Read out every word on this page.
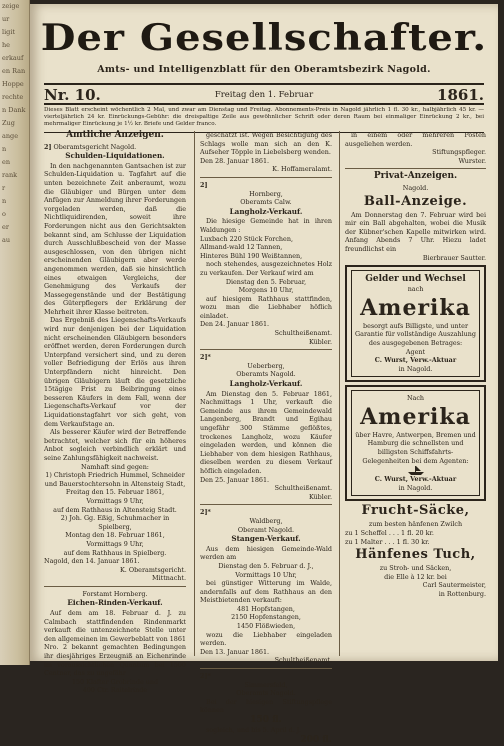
zeige
ur
ligit
he
erkauf
en Ran
Hoppe
rechte
n Dank
Zug
ange
n
en
rank
r
n
o
er
au
Der Gesellschafter.
Amts- und Intelligenzblatt für den Oberamtsbezirk Nagold.
Nr. 10.	Freitag den 1. Februar	1861.
Dieses Blatt erscheint wöchentlich 2 Mal, und zwar am Dienstag und Freitag. Abonnements-Preis in Nagold jährlich 1 fl. 30 kr., halbjährlich 45 kr. — vierteljährlich 24 kr. Einrückungs-Gebühr: die dreispaltige Zeile aus gewöhnlicher Schrift oder deren Raum bei einmaliger Einrückung 2 kr., bei mehrmaliger Einrückung je 1½ kr. Briefe und Gelder franco.
Amtliche Anzeigen.
2] Oberamtsgericht Nagold.
Schulden-Liquidationen.
In den nachgenannten Gantsachen ist zur Schulden-Liquidation u. Tagfahrt auf die unten bezeichnete Zeit anberaumt, wozu die Gläubiger und Bürgen unter dem Anfügen zur Anmeldung ihrer Forderungen vorgeladen werden, daß die Nichtliquidirenden, soweit ihre Forderungen nicht aus den Gerichtsakten bekannt sind, am Schlusse der Liquidation durch Ausschlußbescheid von der Masse ausgeschlossen, von den übrigen nicht erscheinenden Gläubigern aber werde angenommen werden, daß sie hinsichtlich eines etwaigen Vergleichs, der Genehmigung des Verkaufs der Massegegenstände und der Bestätigung des Güterpflegers der Erklärung der Mehrheit ihrer Klasse beitreten.
Das Ergebniß des Liegenschafts-Verkaufs wird nur denjenigen bei der Liquidation nicht erscheinenden Gläubigern besonders eröffnet werden, deren Forderungen durch Unterpfand versichert sind, und zu deren voller Befriedigung der Erlös aus ihren Unterpfändern nicht hinreicht. Den übrigen Gläubigern läuft die gesetzliche 15tägige Frist zu Beibringung eines besseren Käufers in dem Fall, wenn der Liegenschafts-Verkauf vor der Liquidationstagfahrt vor sich geht, von dem Verkaufstage an.
Als besserer Käufer wird der Betreffende betrachtet, welcher sich für ein höheres Anbot sogleich verbindlich erklärt und seine Zahlungsfähigkeit nachweist.
Namhaft sind gegen:
1) Christoph Friedrich Hummel, Schneider und Bauerstochtersohn in Altensteig Stadt,
Freitag den 15. Februar 1861,
Vormittags 9 Uhr,
auf dem Rathhaus in Altensteig Stadt.
2) Joh. Gg. Eßig, Schuhmacher in Spielberg,
Montag den 18. Februar 1861,
Vormittags 9 Uhr,
auf dem Rathhaus in Spielberg.
Nagold, den 14. Januar 1861.
K. Oberamtsgericht.
Mittnacht.
Forstamt Hornberg.
Eichen-Rinden-Verkauf.
Auf dem am 18. Februar d. J. zu Calmbach stattfindenden Rindenmarkt verkauft die untenzeichnete Stelle unter den allgemeinen im Gewerbeblatt von 1861 Nro. 2 bekannt gemachten Bedingungen ihr diesjähriges Erzeugniß an Eichenrinde im voraussichtlichen Quantum bei 1500 Centner, das zu ungefähr
150 Klafter Grobrinde und
400 Ctr. Raitelrinde
geschätzt ist. Wegen Besichtigung des Schlags wolle man sich an den K. Aufseher Töpple in Liebelsberg wenden.
Den 28. Januar 1861.
K. Hoffameralamt.
2]
Hornberg,
Oberamts Calw.
Langholz-Verkauf.
Die hiesige Gemeinde hat in ihren Waldungen :
Luxbach 220 Stück Forchen,
Allmand-wald 12 Tannen,
Hinteres Bühl 190 Weißtannen,
noch stehendes, ausgezeichnetes Holz zu verkaufen. Der Verkauf wird am
Dienstag den 5. Februar,
Morgens 10 Uhr,
auf hiesigem Rathhaus stattfinden, wozu man die Liebhaber höflich einladet.
Den 24. Januar 1861.
Schultheißenamt.
Kübler.
2]*
Ueberberg,
Oberamts Nagold.
Langholz-Verkauf.
Am Dienstag den 5. Februar 1861, Nachmittags 1 Uhr, verkauft die Gemeinde aus ihrem Gemeindewald Langenberg, Brandt und Egihau ungefähr 300 Stämme geflößtes, trockenes Langholz, wozu Käufer eingeladen werden, und können die Liebhaber von dem hiesigen Rathhaus, dieselben werden zu diesem Verkauf höflich eingeladen.
Den 25. Januar 1861.
Schultheißenamt.
Kübler.
2]*
Waldberg,
Oberamt Nagold.
Stangen-Verkauf.
Aus dem hiesigen Gemeinde-Wald werden am
Dienstag den 5. Februar d. J.,
Vormittags 10 Uhr,
bei günstiger Witterung im Walde, andernfalls auf dem Rathhaus an den Meistbietenden verkauft:
481 Hopfstangen,
2150 Hopfenstangen,
1450 Flößwieden,
wozu die Liebhaber eingeladen werden.
Den 13. Januar 1861.
Schultheißenamt.
2]*
Simmersfeld,
Oberamts Nagold.
Bei der hiesigen Stiftungspflege können
150 fl.
sogleich, und bis 5. April d. J.
200 fl.
in einem oder mehreren Posten ausgeliehen werden.
Stiftungspfleger.
Wurster.
Privat-Anzeigen.
Nagold.
Ball-Anzeige.
Am Donnerstag den 7. Februar wird bei mir ein Ball abgehalten, wobei die Musik der Kübner'schen Kapelle mitwirken wird. Anfang Abends 7 Uhr. Hiezu ladet freundlichst ein
Bierbrauer Sautter.
Gelder und Wechsel
nach
Amerika
besorgt aufs Billigste, und unter Garantie für vollständige Auszahlung des ausgegebenen Betrages:
Agent
C. Wurst, Verw.-Aktuar
in Nagold.
Nach
Amerika
über Havre, Antwerpen, Bremen und Hamburg die schnellsten und billigsten Schiffsfahrts-Gelegenheiten bei dem Agenten:
C. Wurst, Verw.-Aktuar
in Nagold.
Frucht-Säcke,
zum besten hänfenen Zwilch
zu 1 Scheffel . . . 1 fl. 20 kr.
zu 1 Malter . . . 1 fl. 30 kr.
Hänfenes Tuch,
zu Stroh- und Säcken,
die Elle à 12 kr. bei
Carl Sautermeister,
in Rottenburg.
